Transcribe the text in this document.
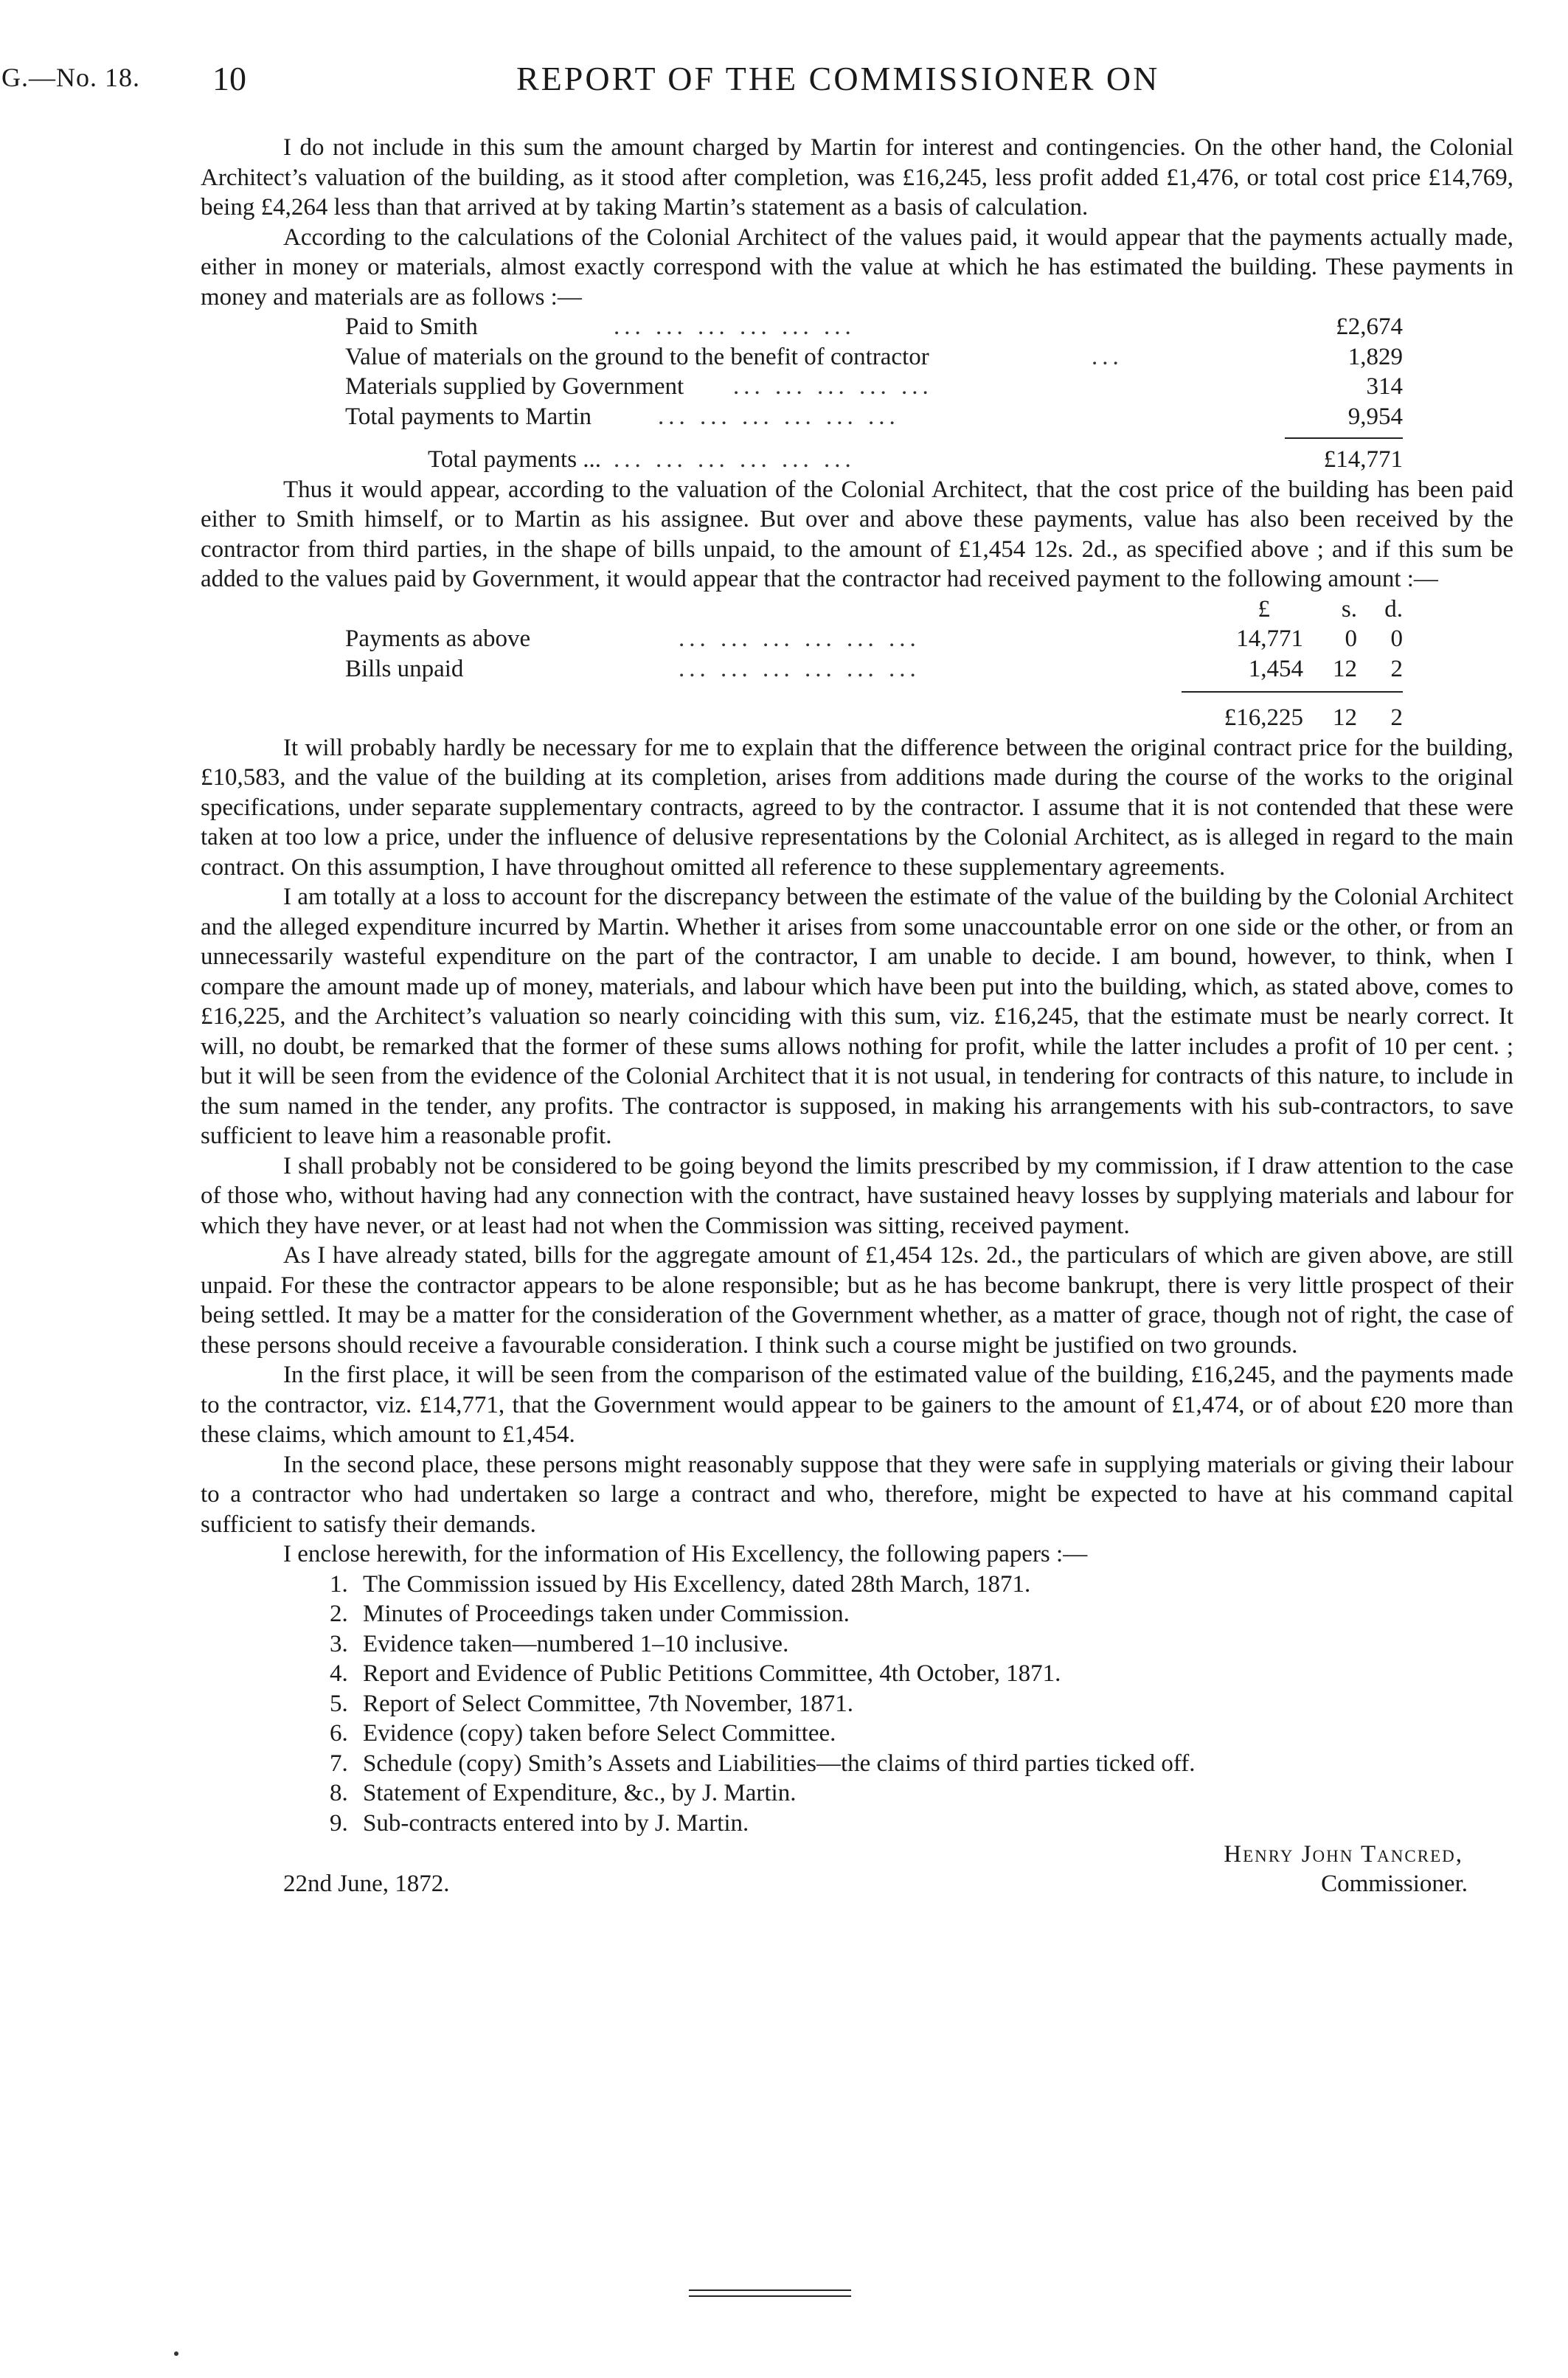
G.—No. 18. 10	REPORT OF THE COMMISSIONER ON

I do not include in this sum the amount charged by Martin for interest and contingencies. On the other hand, the Colonial Architect’s valuation of the building, as it stood after completion, was £16,245, less profit added £1,476, or total cost price £14,769, being £4,264 less than that arrived at by taking Martin’s statement as a basis of calculation.

According to the calculations of the Colonial Architect of the values paid, it would appear that the payments actually made, either in money or materials, almost exactly correspond with the value at which he has estimated the building. These payments in money and materials are as follows :—

Paid to Smith	... ... ... ... ... ...	£2,674
Value of materials on the ground to the benefit of contractor	...	1,829
Materials supplied by Government ... ... ... ... ...	314
Total payments to Martin	... ... ... ... ... ...	9,954
Total payments ... ... ... ... ... ... ...	£14,771

Thus it would appear, according to the valuation of the Colonial Architect, that the cost price of the building has been paid either to Smith himself, or to Martin as his assignee. But over and above these payments, value has also been received by the contractor from third parties, in the shape of bills unpaid, to the amount of £1,454 12s. 2d., as specified above ; and if this sum be added to the values paid by Government, it would appear that the contractor had received payment to the following amount :—

£	s. d.
Payments as above	... ... ... ... ... ...	14,771 0 0
Bills unpaid	... ... ... ... ... ...	1,454 12 2
£16,225 12 2

It will probably hardly be necessary for me to explain that the difference between the original contract price for the building, £10,583, and the value of the building at its completion, arises from additions made during the course of the works to the original specifications, under separate supplementary contracts, agreed to by the contractor. I assume that it is not contended that these were taken at too low a price, under the influence of delusive representations by the Colonial Architect, as is alleged in regard to the main contract. On this assumption, I have throughout omitted all reference to these supplementary agreements.

I am totally at a loss to account for the discrepancy between the estimate of the value of the building by the Colonial Architect and the alleged expenditure incurred by Martin. Whether it arises from some unaccountable error on one side or the other, or from an unnecessarily wasteful expenditure on the part of the contractor, I am unable to decide. I am bound, however, to think, when I compare the amount made up of money, materials, and labour which have been put into the building, which, as stated above, comes to £16,225, and the Architect’s valuation so nearly coinciding with this sum, viz. £16,245, that the estimate must be nearly correct. It will, no doubt, be remarked that the former of these sums allows nothing for profit, while the latter includes a profit of 10 per cent. ; but it will be seen from the evidence of the Colonial Architect that it is not usual, in tendering for contracts of this nature, to include in the sum named in the tender, any profits. The contractor is supposed, in making his arrangements with his sub-contractors, to save sufficient to leave him a reasonable profit.

I shall probably not be considered to be going beyond the limits prescribed by my commission, if I draw attention to the case of those who, without having had any connection with the contract, have sustained heavy losses by supplying materials and labour for which they have never, or at least had not when the Commission was sitting, received payment.

As I have already stated, bills for the aggregate amount of £1,454 12s. 2d., the particulars of which are given above, are still unpaid. For these the contractor appears to be alone responsible; but as he has become bankrupt, there is very little prospect of their being settled. It may be a matter for the consideration of the Government whether, as a matter of grace, though not of right, the case of these persons should receive a favourable consideration. I think such a course might be justified on two grounds.

In the first place, it will be seen from the comparison of the estimated value of the building, £16,245, and the payments made to the contractor, viz. £14,771, that the Government would appear to be gainers to the amount of £1,474, or of about £20 more than these claims, which amount to £1,454.

In the second place, these persons might reasonably suppose that they were safe in supplying materials or giving their labour to a contractor who had undertaken so large a contract and who, therefore, might be expected to have at his command capital sufficient to satisfy their demands.

I enclose herewith, for the information of His Excellency, the following papers :—

1. The Commission issued by His Excellency, dated 28th March, 1871.
2. Minutes of Proceedings taken under Commission.
3. Evidence taken—numbered 1–10 inclusive.
4. Report and Evidence of Public Petitions Committee, 4th October, 1871.
5. Report of Select Committee, 7th November, 1871.
6. Evidence (copy) taken before Select Committee.
7. Schedule (copy) Smith’s Assets and Liabilities—the claims of third parties ticked off.
8. Statement of Expenditure, &c., by J. Martin.
9. Sub-contracts entered into by J. Martin.
Henry John Tancred,
Commissioner.
22nd June, 1872.
